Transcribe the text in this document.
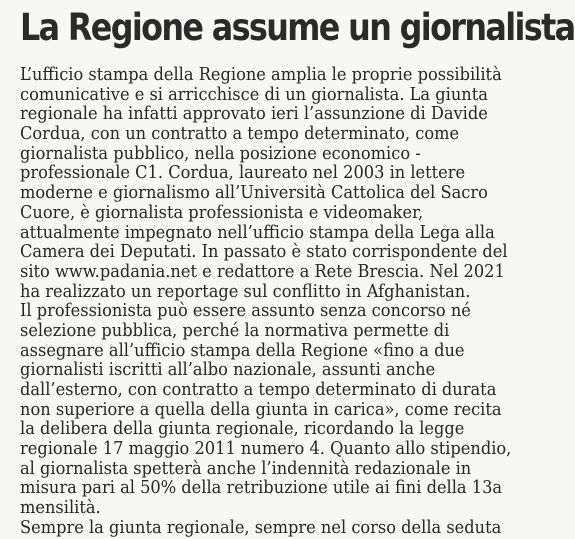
La Regione assume un giornalista
L’ufficio stampa della Regione amplia le proprie possibilità
comunicative e si arricchisce di un giornalista. La giunta
regionale ha infatti approvato ieri l’assunzione di Davide
Cordua, con un contratto a tempo determinato, come
giornalista pubblico, nella posizione economico -
professionale C1. Cordua, laureato nel 2003 in lettere
moderne e giornalismo all’Università Cattolica del Sacro
Cuore, è giornalista professionista e videomaker,
attualmente impegnato nell’ufficio stampa della Lega alla
Camera dei Deputati. In passato è stato corrispondente del
sito www.padania.net e redattore a Rete Brescia. Nel 2021
ha realizzato un reportage sul conflitto in Afghanistan.
Il professionista può essere assunto senza concorso né
selezione pubblica, perché la normativa permette di
assegnare all’ufficio stampa della Regione «fino a due
giornalisti iscritti all’albo nazionale, assunti anche
dall’esterno, con contratto a tempo determinato di durata
non superiore a quella della giunta in carica», come recita
la delibera della giunta regionale, ricordando la legge
regionale 17 maggio 2011 numero 4. Quanto allo stipendio,
al giornalista spetterà anche l’indennità redazionale in
misura pari al 50% della retribuzione utile ai fini della 13a
mensilità.
Sempre la giunta regionale, sempre nel corso della seduta
